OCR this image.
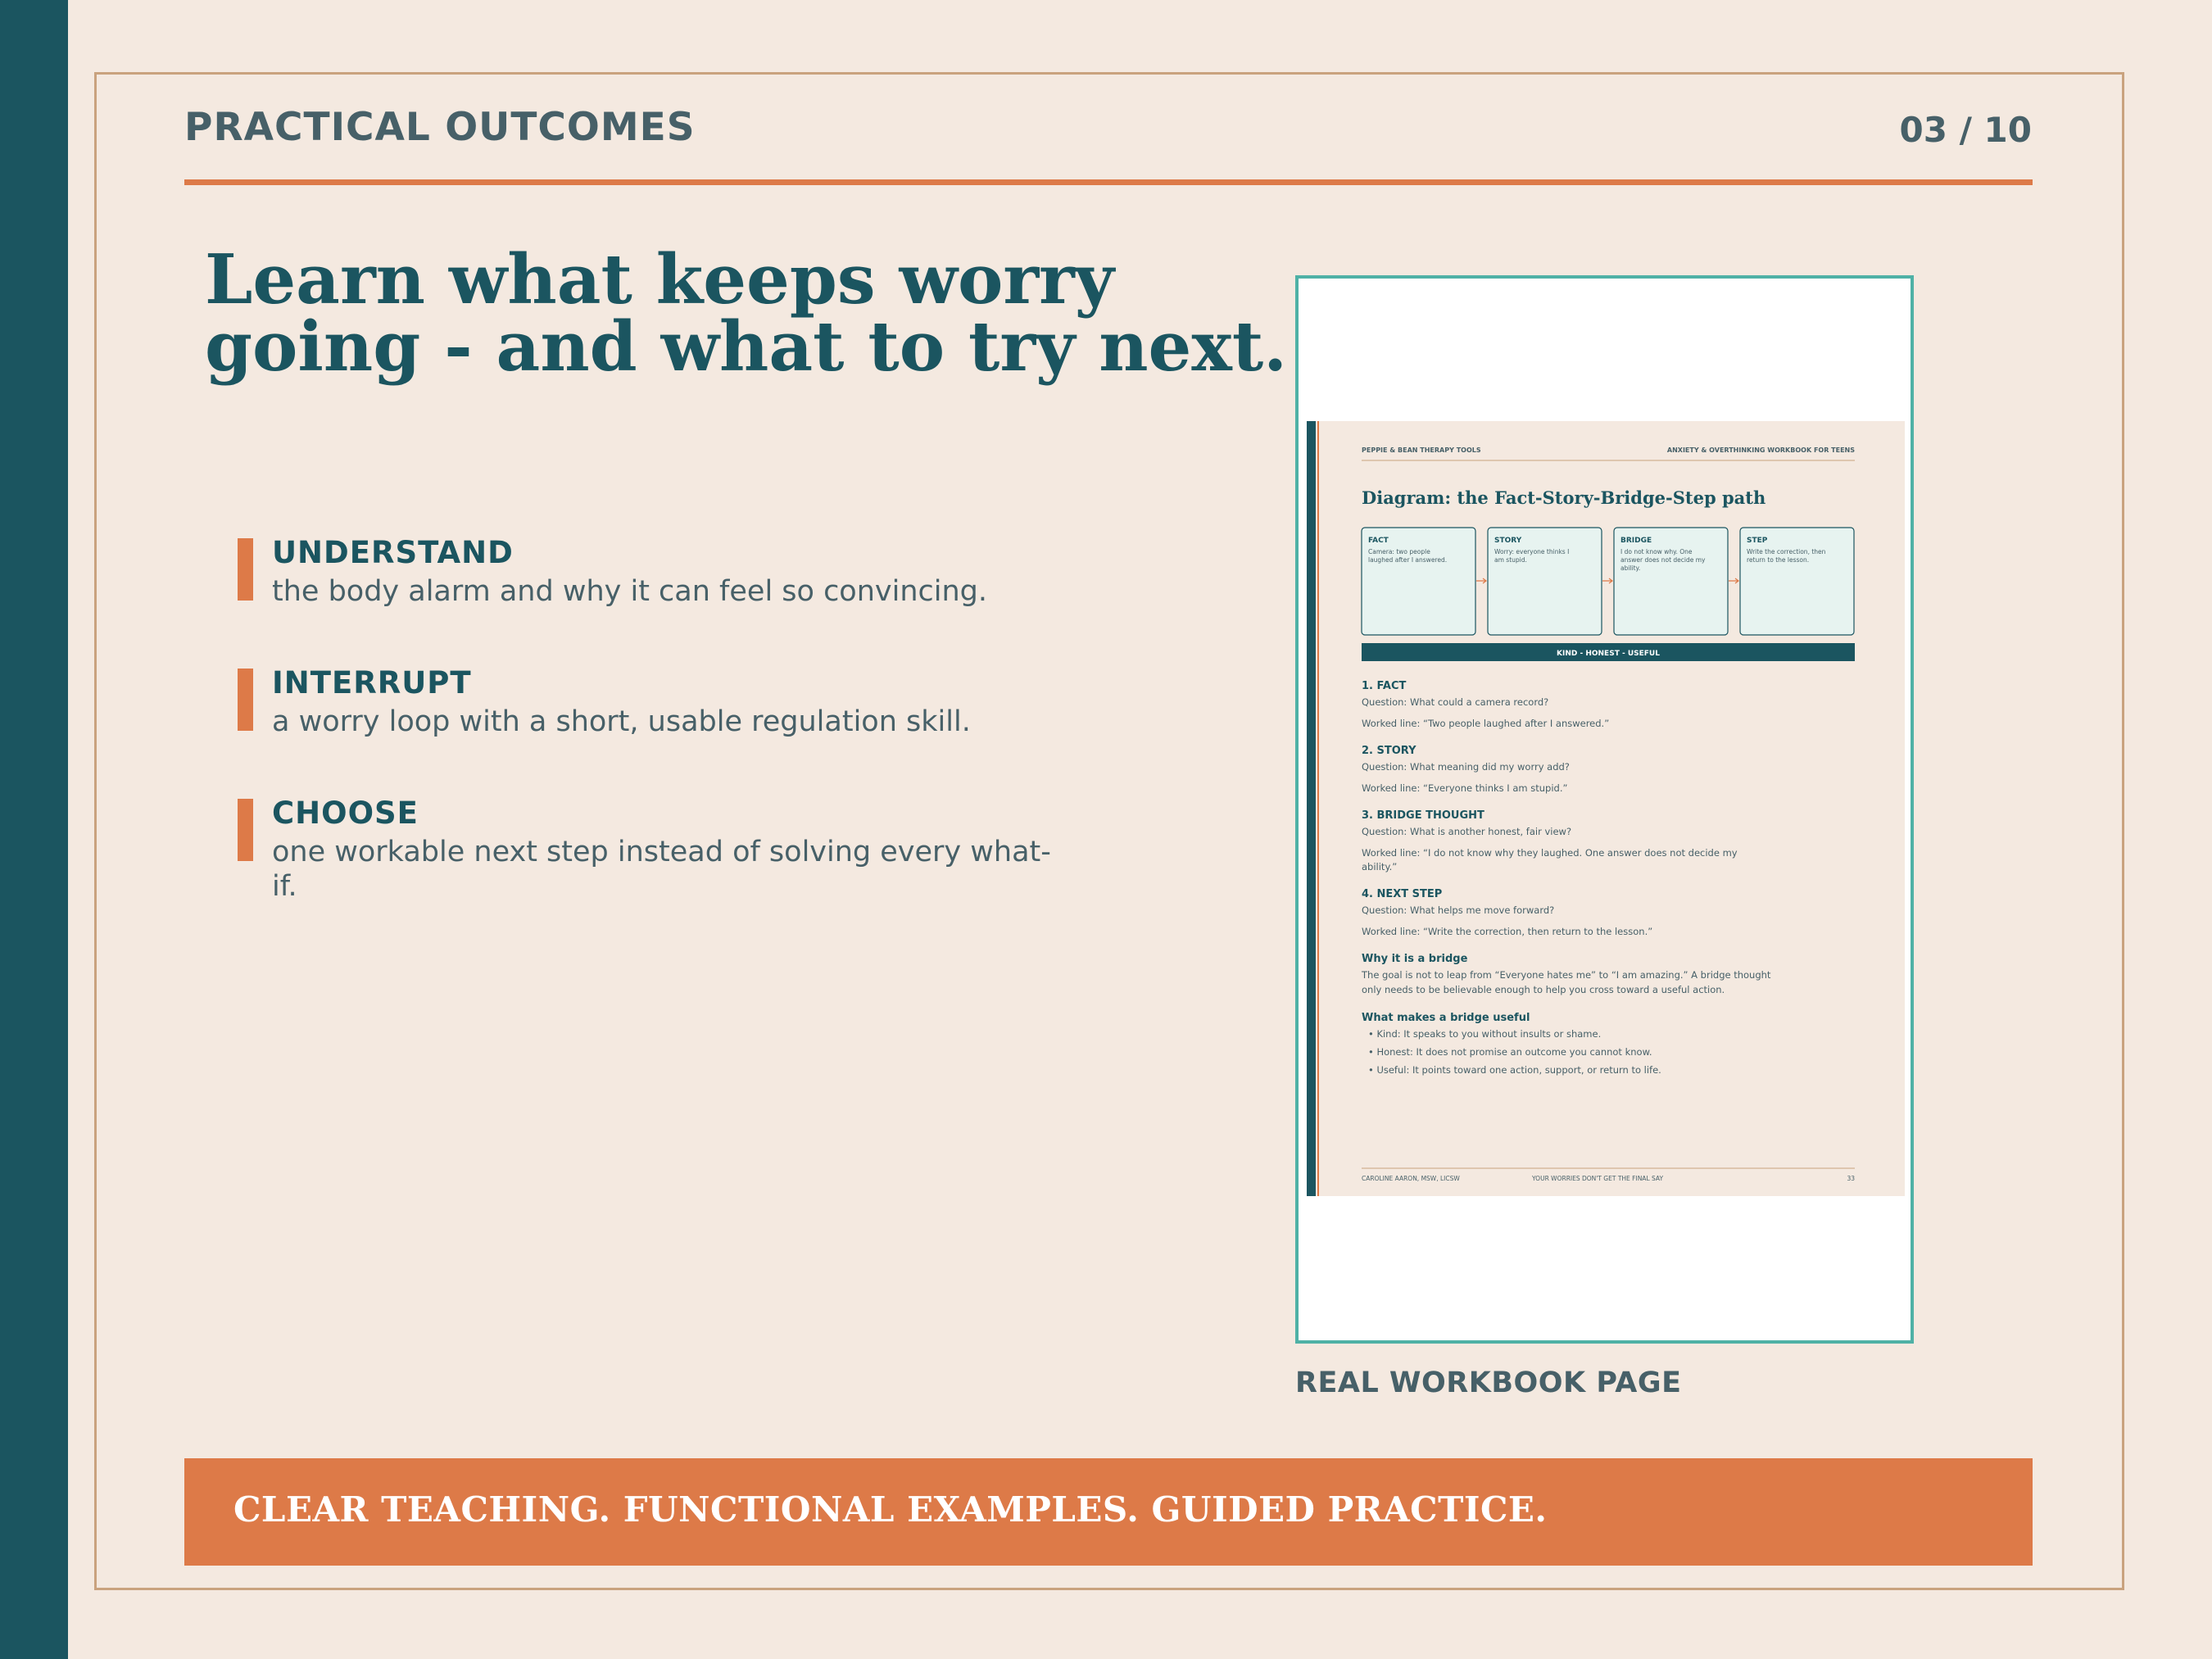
PRACTICAL OUTCOMES	03 / 10
Learn what keeps worry going - and what to try next.
UNDERSTAND
the body alarm and why it can feel so convincing.
INTERRUPT
a worry loop with a short, usable regulation skill.
CHOOSE
one workable next step instead of solving every what-if.
PEPPIE & BEAN THERAPY TOOLS	ANXIETY & OVERTHINKING WORKBOOK FOR TEENS
Diagram: the Fact-Story-Bridge-Step path
FACT
Camera: two people
laughed after I answered.
STORY
Worry: everyone thinks I
am stupid.
BRIDGE
I do not know why. One
answer does not decide my
ability.
STEP
Write the correction, then
return to the lesson.
KIND - HONEST - USEFUL
1. FACT
Question: What could a camera record?
Worked line: “Two people laughed after I answered.”
2. STORY
Question: What meaning did my worry add?
Worked line: “Everyone thinks I am stupid.”
3. BRIDGE THOUGHT
Question: What is another honest, fair view?
Worked line: “I do not know why they laughed. One answer does not decide my
ability.”
4. NEXT STEP
Question: What helps me move forward?
Worked line: “Write the correction, then return to the lesson.”
Why it is a bridge
The goal is not to leap from “Everyone hates me” to “I am amazing.” A bridge thought
only needs to be believable enough to help you cross toward a useful action.
What makes a bridge useful
• Kind: It speaks to you without insults or shame.
• Honest: It does not promise an outcome you cannot know.
• Useful: It points toward one action, support, or return to life.
CAROLINE AARON, MSW, LICSW	YOUR WORRIES DON'T GET THE FINAL SAY	33
REAL WORKBOOK PAGE
CLEAR TEACHING. FUNCTIONAL EXAMPLES. GUIDED PRACTICE.
